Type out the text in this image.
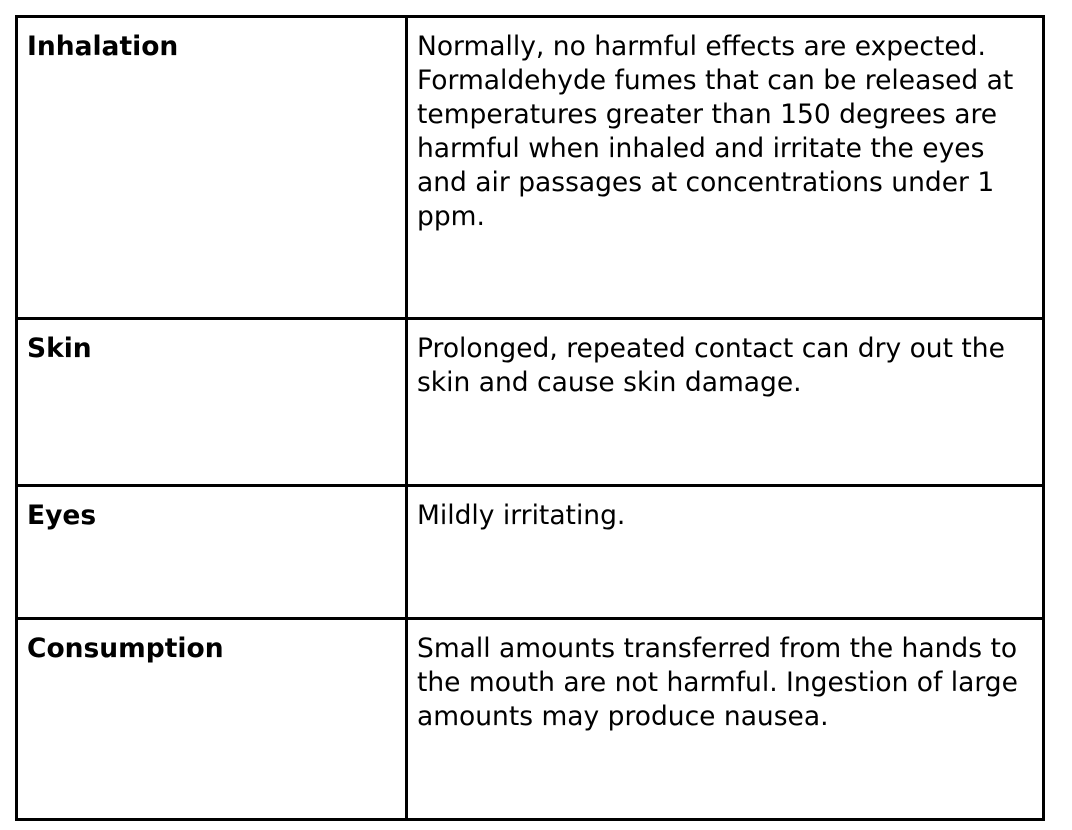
Inhalation	Normally, no harmful effects are expected. Formaldehyde fumes that can be released at temperatures greater than 150 degrees are harmful when inhaled and irritate the eyes and air passages at concentrations under 1 ppm.
Skin	Prolonged, repeated contact can dry out the skin and cause skin damage.
Eyes	Mildly irritating.
Consumption	Small amounts transferred from the hands to the mouth are not harmful. Ingestion of large amounts may produce nausea.
